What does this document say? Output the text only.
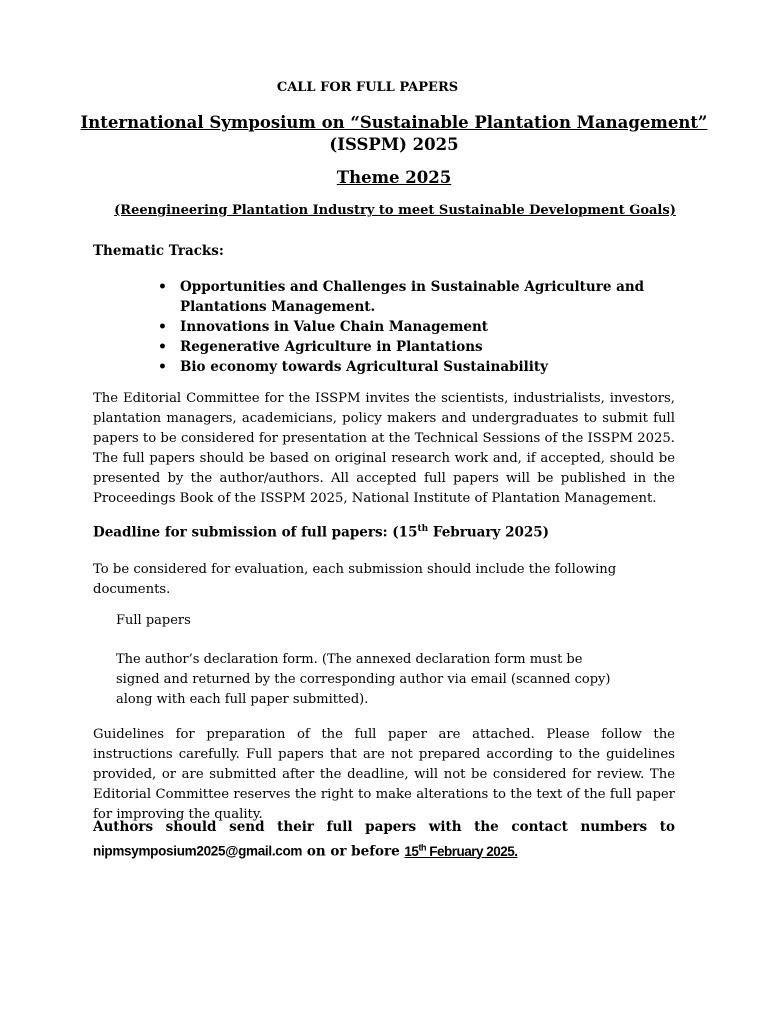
CALL FOR FULL PAPERS
International Symposium on “Sustainable Plantation Management”
(ISSPM) 2025
Theme 2025
(Reengineering Plantation Industry to meet Sustainable Development Goals)
Thematic Tracks:
• Opportunities and Challenges in Sustainable Agriculture and Plantations Management.
• Innovations in Value Chain Management
• Regenerative Agriculture in Plantations
• Bio economy towards Agricultural Sustainability
The Editorial Committee for the ISSPM invites the scientists, industrialists, investors, plantation managers, academicians, policy makers and undergraduates to submit full papers to be considered for presentation at the Technical Sessions of the ISSPM 2025. The full papers should be based on original research work and, if accepted, should be presented by the author/authors. All accepted full papers will be published in the Proceedings Book of the ISSPM 2025, National Institute of Plantation Management.
Deadline for submission of full papers: (15th February 2025)
To be considered for evaluation, each submission should include the following documents.
Full papers
The author’s declaration form. (The annexed declaration form must be signed and returned by the corresponding author via email (scanned copy) along with each full paper submitted).
Guidelines for preparation of the full paper are attached. Please follow the instructions carefully. Full papers that are not prepared according to the guidelines provided, or are submitted after the deadline, will not be considered for review. The Editorial Committee reserves the right to make alterations to the text of the full paper for improving the quality.
Authors should send their full papers with the contact numbers to
nipmsymposium2025@gmail.com on or before 15th February 2025.
